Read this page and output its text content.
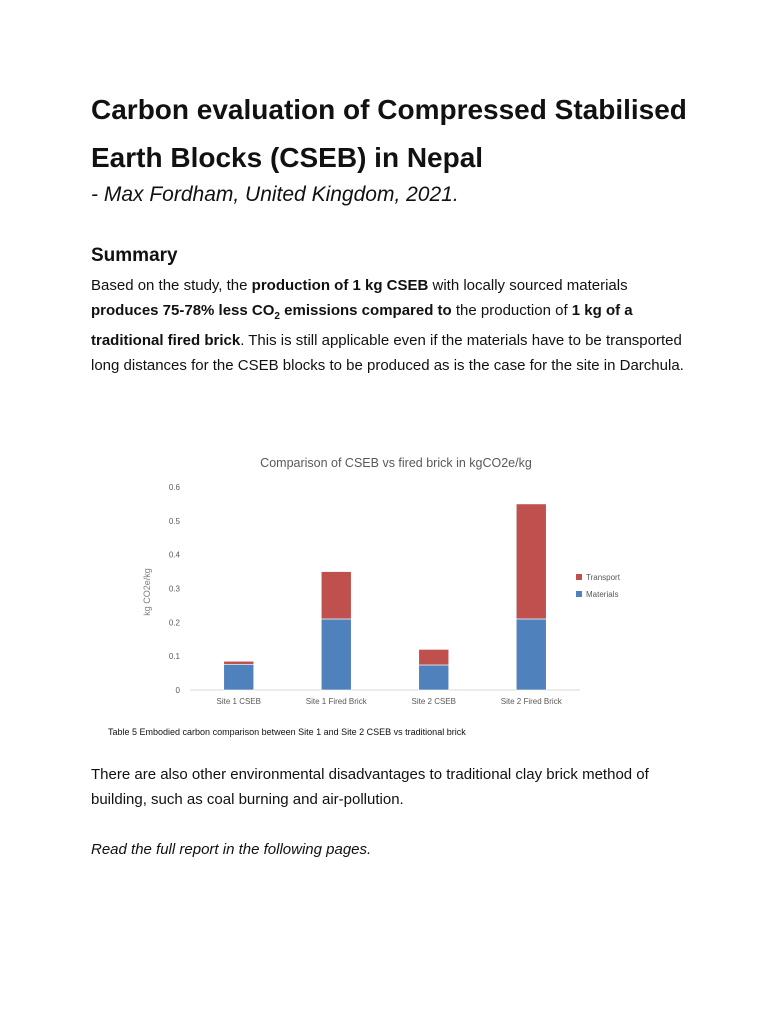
Carbon evaluation of Compressed Stabilised Earth Blocks (CSEB) in Nepal

- Max Fordham, United Kingdom, 2021.

Summary

Based on the study, the production of 1 kg CSEB with locally sourced materials produces 75-78% less $CO_2$ emissions compared to the production of 1 kg of a traditional fired brick. This is still applicable even if the materials have to be transported long distances for the CSEB blocks to be produced as is the case for the site in Darchula.

Comparison of CSEB vs fired brick in kgCO2e/kg
kg CO2e/kg
0
0.1
0.2
0.3
0.4
0.5
0.6
Site 1 CSEB	Site 1 Fired Brick	Site 2 CSEB	Site 2 Fired Brick
Transport
Materials

Table 5 Embodied carbon comparison between Site 1 and Site 2 CSEB vs traditional brick

There are also other environmental disadvantages to traditional clay brick method of building, such as coal burning and air-pollution.

Read the full report in the following pages.
